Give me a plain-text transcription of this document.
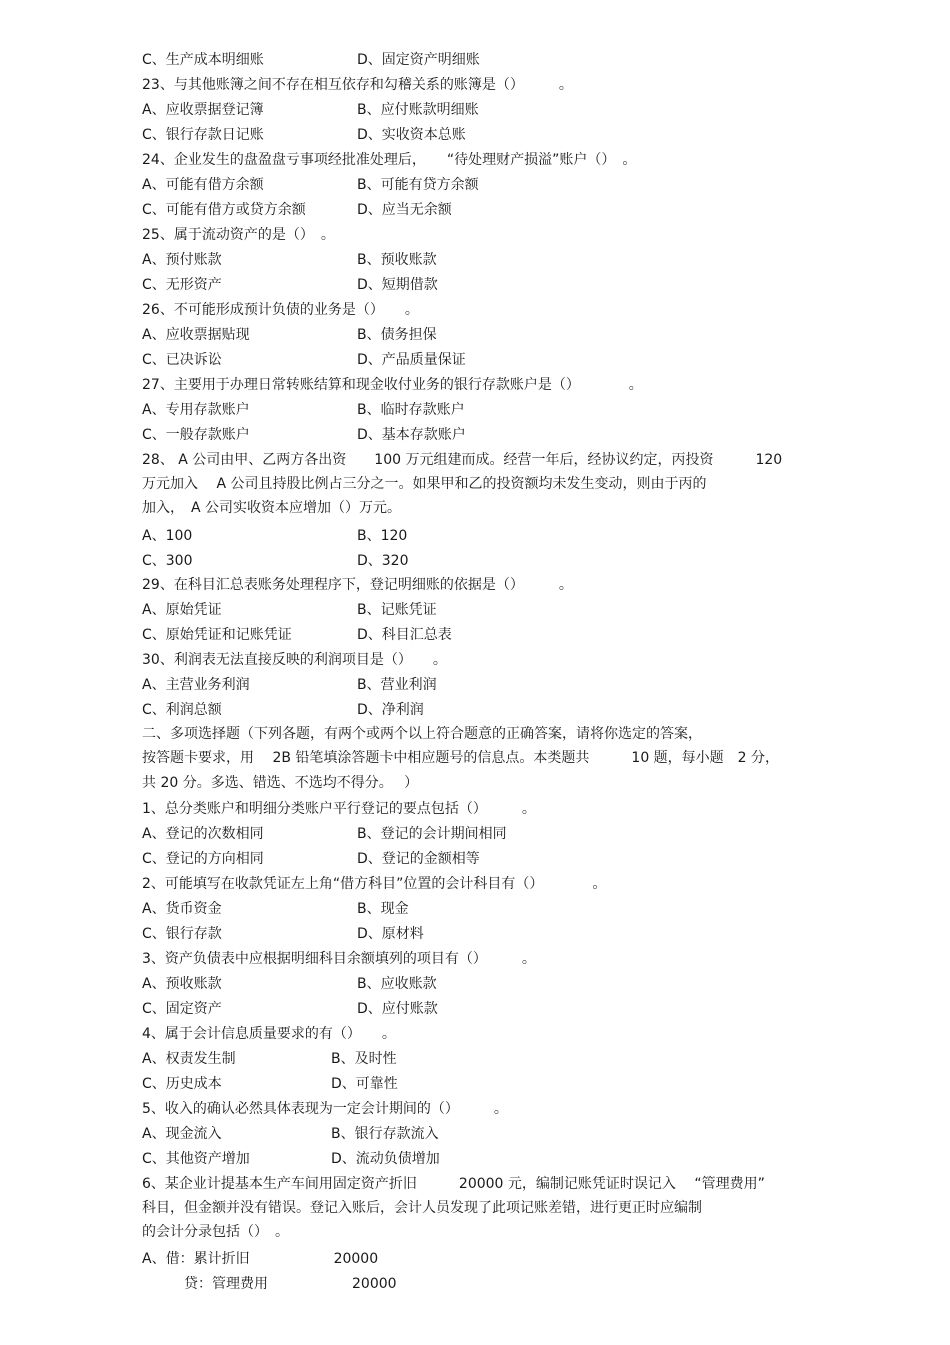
C、生产成本明细账	D、固定资产明细账
23、与其他账簿之间不存在相互依存和勾稽关系的账簿是（）　　　。
A、应收票据登记簿	B、应付账款明细账
C、银行存款日记账	D、实收资本总账
24、企业发生的盘盈盘亏事项经批准处理后，　　“待处理财产损溢”账户（）　。
A、可能有借方余额	B、可能有贷方余额
C、可能有借方或贷方余额	D、应当无余额
25、属于流动资产的是（）　。
A、预付账款	B、预收账款
C、无形资产	D、短期借款
26、不可能形成预计负债的业务是（）　　。
A、应收票据贴现	B、债务担保
C、已决诉讼	D、产品质量保证
27、主要用于办理日常转账结算和现金收付业务的银行存款账户是（）　　　　。
A、专用存款账户	B、临时存款账户
C、一般存款账户	D、基本存款账户
28、 A 公司由甲、乙两方各出资　　100 万元组建而成。经营一年后，经协议约定，丙投资　　　120
万元加入　 A 公司且持股比例占三分之一。如果甲和乙的投资额均未发生变动，则由于丙的
加入，　A 公司实收资本应增加（）万元。
A、100	B、120
C、300	D、320
29、在科目汇总表账务处理程序下，登记明细账的依据是（）　　　。
A、原始凭证	B、记账凭证
C、原始凭证和记账凭证	D、科目汇总表
30、利润表无法直接反映的利润项目是（）　　。
A、主营业务利润	B、营业利润
C、利润总额	D、净利润
二、多项选择题（下列各题，有两个或两个以上符合题意的正确答案，请将你选定的答案，
按答题卡要求，用　 2B 铅笔填涂答题卡中相应题号的信息点。本类题共　　　10 题，每小题　2 分，
共 20 分。多选、错选、不选均不得分。　 ）
1、总分类账户和明细分类账户平行登记的要点包括（）　　　。
A、登记的次数相同	B、登记的会计期间相同
C、登记的方向相同	D、登记的金额相等
2、可能填写在收款凭证左上角“借方科目”位置的会计科目有（）　　　　。
A、货币资金	B、现金
C、银行存款	D、原材料
3、资产负债表中应根据明细科目余额填列的项目有（）　　　。
A、预收账款	B、应收账款
C、固定资产	D、应付账款
4、属于会计信息质量要求的有（）　　。
A、权责发生制	B、及时性
C、历史成本	D、可靠性
5、收入的确认必然具体表现为一定会计期间的（）　　　。
A、现金流入	B、银行存款流入
C、其他资产增加	D、流动负债增加
6、某企业计提基本生产车间用固定资产折旧　　　20000 元，编制记账凭证时误记入　 “管理费用”
科目，但金额并没有错误。登记入账后，会计人员发现了此项记账差错，进行更正时应编制
的会计分录包括（）　。
A、借：累计折旧　　　　　　20000
　　　贷：管理费用　　　　　　20000
